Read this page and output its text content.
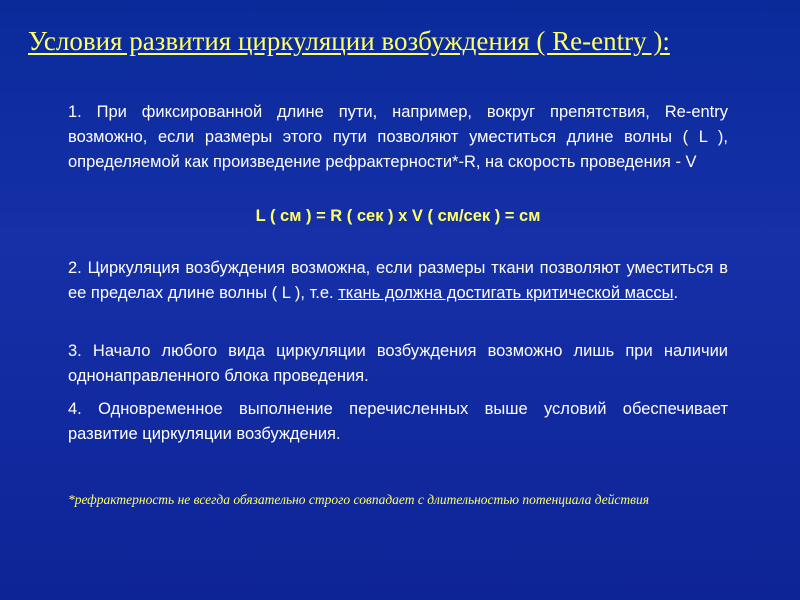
Условия развития циркуляции возбуждения ( Re-entry ):

1. При фиксированной длине пути, например, вокруг препятствия, Re-entry возможно, если размеры этого пути позволяют уместиться длине волны ( L ), определяемой как произведение рефрактерности*-R, на скорость проведения - V

L ( см ) = R ( сек ) x V ( см/сек ) = см

2. Циркуляция возбуждения возможна, если размеры ткани позволяют уместиться в ее пределах длине волны ( L ), т.е. ткань должна достигать критической массы.

3. Начало любого вида циркуляции возбуждения возможно лишь при наличии однонаправленного блока проведения.

4. Одновременное выполнение перечисленных выше условий обеспечивает развитие циркуляции возбуждения.

*рефрактерность не всегда обязательно строго совпадает с длительностью потенциала действия
